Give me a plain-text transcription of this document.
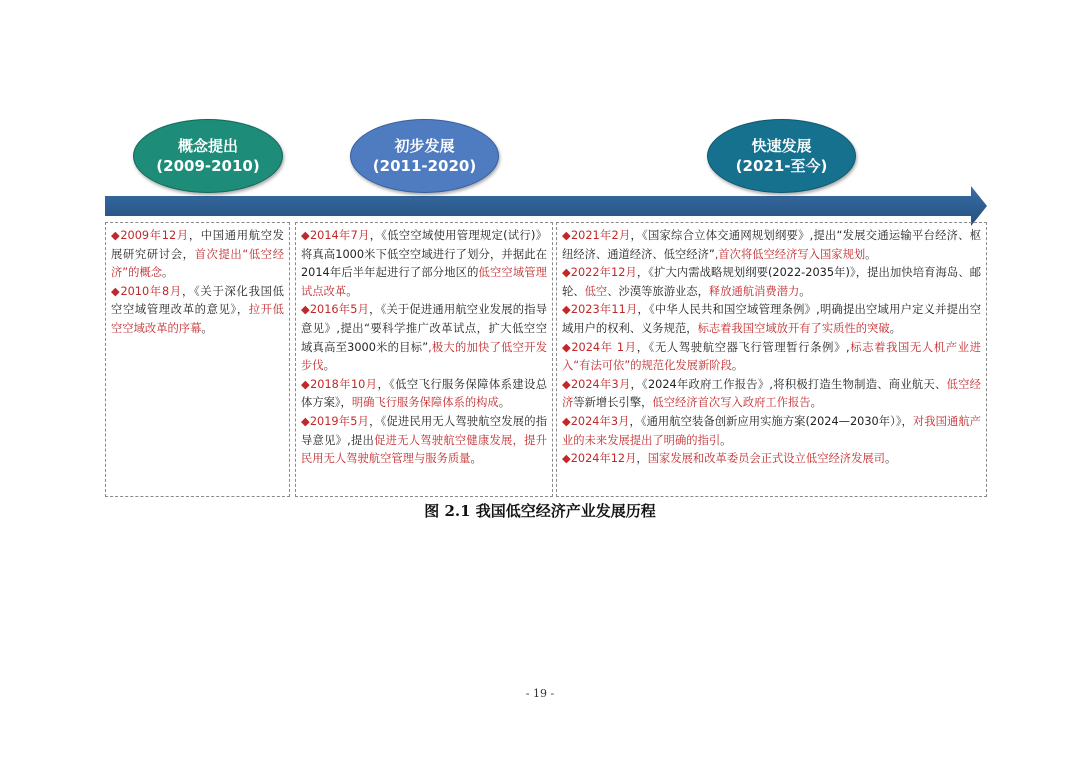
概念提出
(2009-2010)
初步发展
(2011-2020)
快速发展
(2021-至今)

◆2009年12月，中国通用航空发展研究研讨会，首次提出“低空经济”的概念。

◆2010年8月，《关于深化我国低空空域管理改革的意见》，拉开低空空域改革的序幕。

◆2014年7月，《低空空域使用管理规定(试行)》将真高1000米下低空空域进行了划分，并据此在2014年后半年起进行了部分地区的低空空域管理试点改革。

◆2016年5月，《关于促进通用航空业发展的指导意见》,提出“要科学推广改革试点，扩大低空空域真高至3000米的目标”,极大的加快了低空开发步伐。

◆2018年10月，《低空飞行服务保障体系建设总体方案》，明确飞行服务保障体系的构成。

◆2019年5月，《促进民用无人驾驶航空发展的指导意见》,提出促进无人驾驶航空健康发展，提升民用无人驾驶航空管理与服务质量。

◆2021年2月，《国家综合立体交通网规划纲要》,提出“发展交通运输平台经济、枢纽经济、通道经济、低空经济”,首次将低空经济写入国家规划。

◆2022年12月，《扩大内需战略规划纲要(2022-2035年)》，提出加快培育海岛、邮轮、低空、沙漠等旅游业态，释放通航消费潜力。

◆2023年11月，《中华人民共和国空域管理条例》,明确提出空域用户定义并提出空域用户的权利、义务规范，标志着我国空域放开有了实质性的突破。

◆2024年 1月，《无人驾驶航空器飞行管理暂行条例》,标志着我国无人机产业进入“有法可依”的规范化发展新阶段。

◆2024年3月，《2024年政府工作报告》,将积极打造生物制造、商业航天、低空经济等新增长引擎，低空经济首次写入政府工作报告。

◆2024年3月，《通用航空装备创新应用实施方案(2024—2030年）》，对我国通航产业的未来发展提出了明确的指引。

◆2024年12月，国家发展和改革委员会正式设立低空经济发展司。

图 2.1 我国低空经济产业发展历程
- 19 -
